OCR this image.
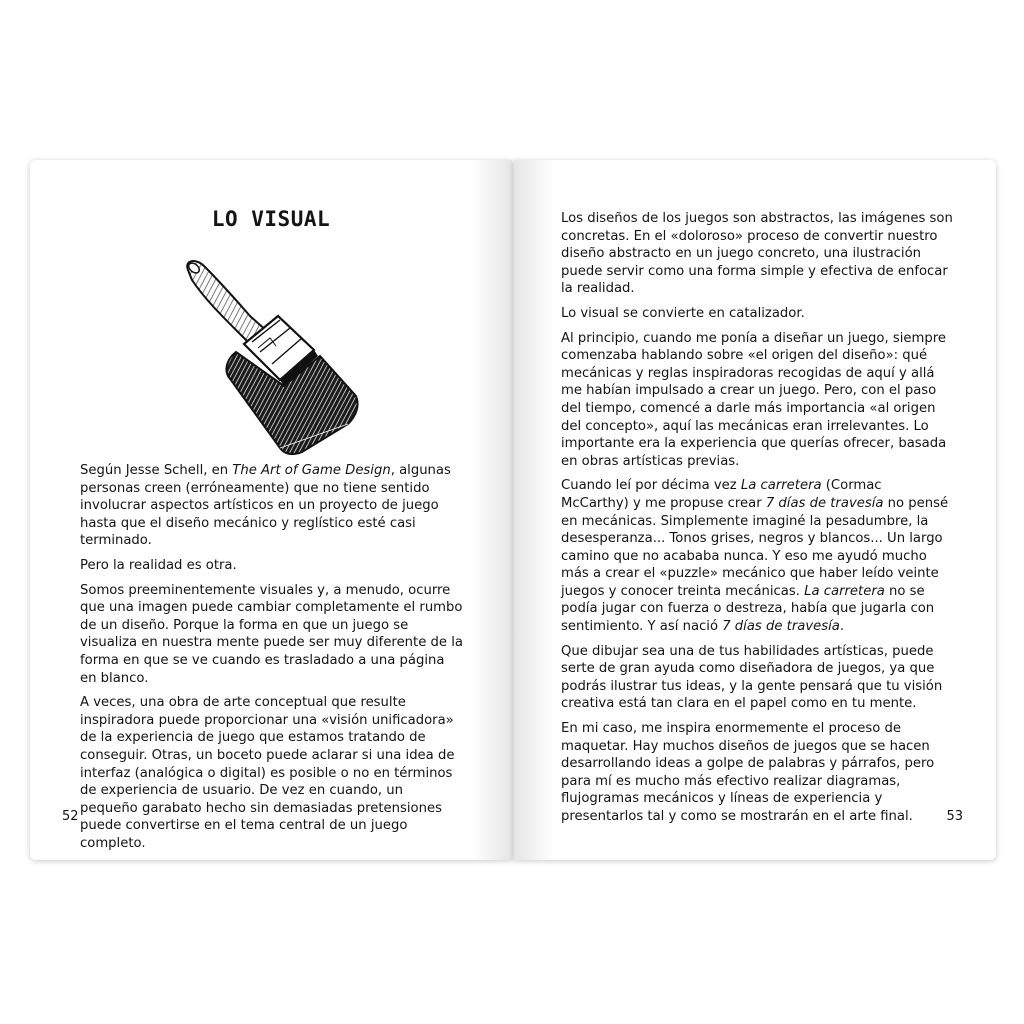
LO VISUAL

Según Jesse Schell, en The Art of Game Design, algunas personas creen (erróneamente) que no tiene sentido involucrar aspectos artísticos en un proyecto de juego hasta que el diseño mecánico y reglístico esté casi terminado.

Pero la realidad es otra.

Somos preeminentemente visuales y, a menudo, ocurre que una imagen puede cambiar completamente el rumbo de un diseño. Porque la forma en que un juego se visualiza en nuestra mente puede ser muy diferente de la forma en que se ve cuando es trasladado a una página en blanco.

A veces, una obra de arte conceptual que resulte inspiradora puede proporcionar una «visión unificadora» de la experiencia de juego que estamos tratando de conseguir. Otras, un boceto puede aclarar si una idea de interfaz (analógica o digital) es posible o no en términos de experiencia de usuario. De vez en cuando, un pequeño garabato hecho sin demasiadas pretensiones puede convertirse en el tema central de un juego completo.

52

Los diseños de los juegos son abstractos, las imágenes son concretas. En el «doloroso» proceso de convertir nuestro diseño abstracto en un juego concreto, una ilustración puede servir como una forma simple y efectiva de enfocar la realidad.

Lo visual se convierte en catalizador.

Al principio, cuando me ponía a diseñar un juego, siempre comenzaba hablando sobre «el origen del diseño»: qué mecánicas y reglas inspiradoras recogidas de aquí y allá me habían impulsado a crear un juego. Pero, con el paso del tiempo, comencé a darle más importancia «al origen del concepto», aquí las mecánicas eran irrelevantes. Lo importante era la experiencia que querías ofrecer, basada en obras artísticas previas.

Cuando leí por décima vez La carretera (Cormac McCarthy) y me propuse crear 7 días de travesía no pensé en mecánicas. Simplemente imaginé la pesadumbre, la desesperanza... Tonos grises, negros y blancos... Un largo camino que no acababa nunca. Y eso me ayudó mucho más a crear el «puzzle» mecánico que haber leído veinte juegos y conocer treinta mecánicas. La carretera no se podía jugar con fuerza o destreza, había que jugarla con sentimiento. Y así nació 7 días de travesía.

Que dibujar sea una de tus habilidades artísticas, puede serte de gran ayuda como diseñadora de juegos, ya que podrás ilustrar tus ideas, y la gente pensará que tu visión creativa está tan clara en el papel como en tu mente.

En mi caso, me inspira enormemente el proceso de maquetar. Hay muchos diseños de juegos que se hacen desarrollando ideas a golpe de palabras y párrafos, pero para mí es mucho más efectivo realizar diagramas, flujogramas mecánicos y líneas de experiencia y presentarlos tal y como se mostrarán en el arte final.	53
